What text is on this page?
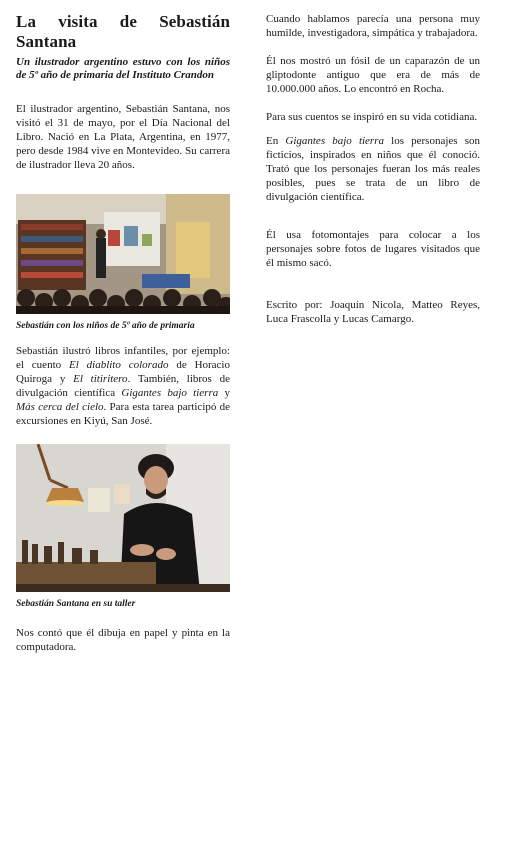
La visita de Sebastián Santana

Un ilustrador argentino estuvo con los niños de 5º año de primaria del Instituto Crandon

El ilustrador argentino, Sebastián Santana, nos visitó el 31 de mayo, por el Día Nacional del Libro. Nació en La Plata, Argentina, en 1977, pero desde 1984 vive en Montevideo. Su carrera de ilustrador lleva 20 años.

Sebastián con los niños de 5º año de primaria

Sebastián ilustró libros infantiles, por ejemplo: el cuento El diablito colorado de Horacio Quiroga y El titiritero. También, libros de divulgación científica Gigantes bajo tierra y Más cerca del cielo. Para esta tarea participó de excursiones en Kiyú, San José.

Sebastián Santana en su taller

Nos contó que él dibuja en papel y pinta en la computadora.

Cuando hablamos parecía una persona muy humilde, investigadora, simpática y trabajadora.

Él nos mostró un fósil de un caparazón de un gliptodonte antiguo que era de más de 10.000.000 años. Lo encontró en Rocha.

Para sus cuentos se inspiró en su vida cotidiana.

En Gigantes bajo tierra los personajes son ficticios, inspirados en niños que él conoció. Trató que los personajes fueran los más reales posibles, pues se trata de un libro de divulgación científica.

Él usa fotomontajes para colocar a los personajes sobre fotos de lugares visitados que él mismo sacó.

Escrito por: Joaquín Nicola, Matteo Reyes, Luca Frascolla y Lucas Camargo.
